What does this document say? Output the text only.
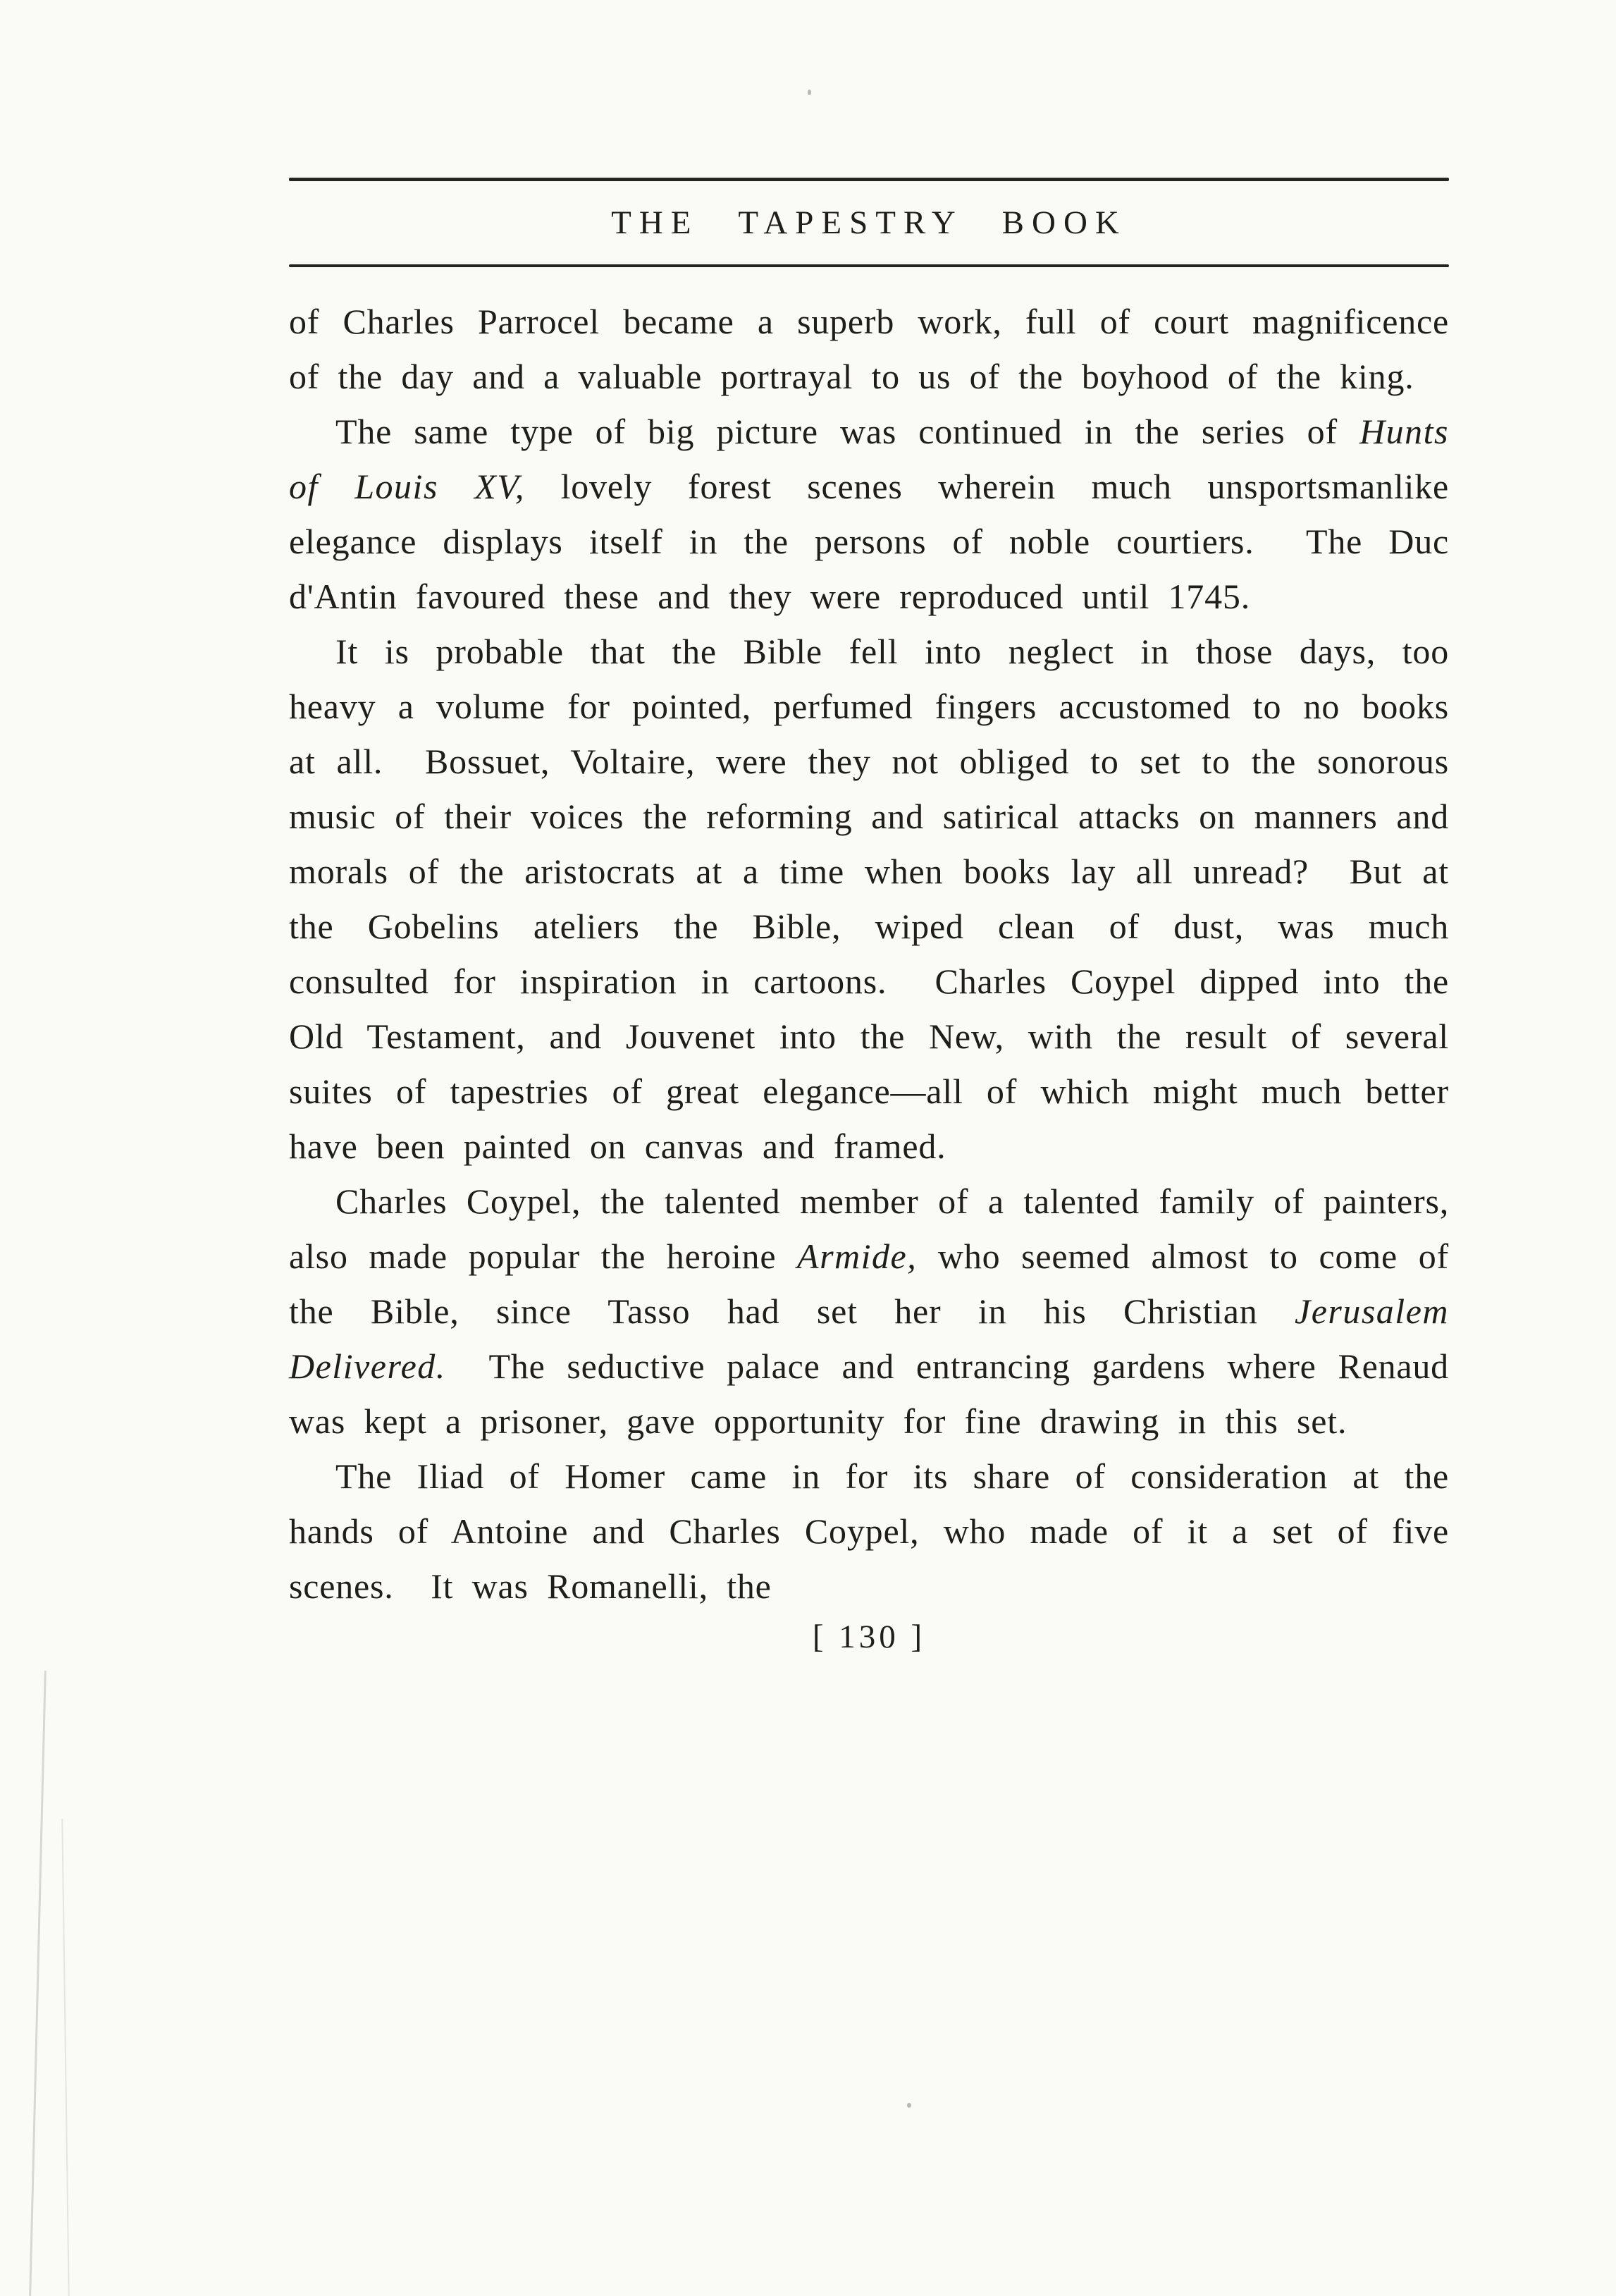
THE TAPESTRY BOOK

of Charles Parrocel became a superb work, full of court magnificence of the day and a valuable portrayal to us of the boyhood of the king.

The same type of big picture was continued in the series of Hunts of Louis XV, lovely forest scenes wherein much unsportsmanlike elegance displays itself in the persons of noble courtiers.  The Duc d'Antin favoured these and they were reproduced until 1745.

It is probable that the Bible fell into neglect in those days, too heavy a volume for pointed, perfumed fingers accustomed to no books at all.  Bossuet, Voltaire, were they not obliged to set to the sonorous music of their voices the reforming and satirical attacks on manners and morals of the aristocrats at a time when books lay all unread?  But at the Gobelins ateliers the Bible, wiped clean of dust, was much consulted for inspiration in cartoons.  Charles Coypel dipped into the Old Testament, and Jouvenet into the New, with the result of several suites of tapestries of great elegance—all of which might much better have been painted on canvas and framed.

Charles Coypel, the talented member of a talented family of painters, also made popular the heroine Armide, who seemed almost to come of the Bible, since Tasso had set her in his Christian Jerusalem Delivered.  The seductive palace and entrancing gardens where Renaud was kept a prisoner, gave opportunity for fine drawing in this set.

The Iliad of Homer came in for its share of consideration at the hands of Antoine and Charles Coypel, who made of it a set of five scenes.  It was Romanelli, the

[ 130 ]
